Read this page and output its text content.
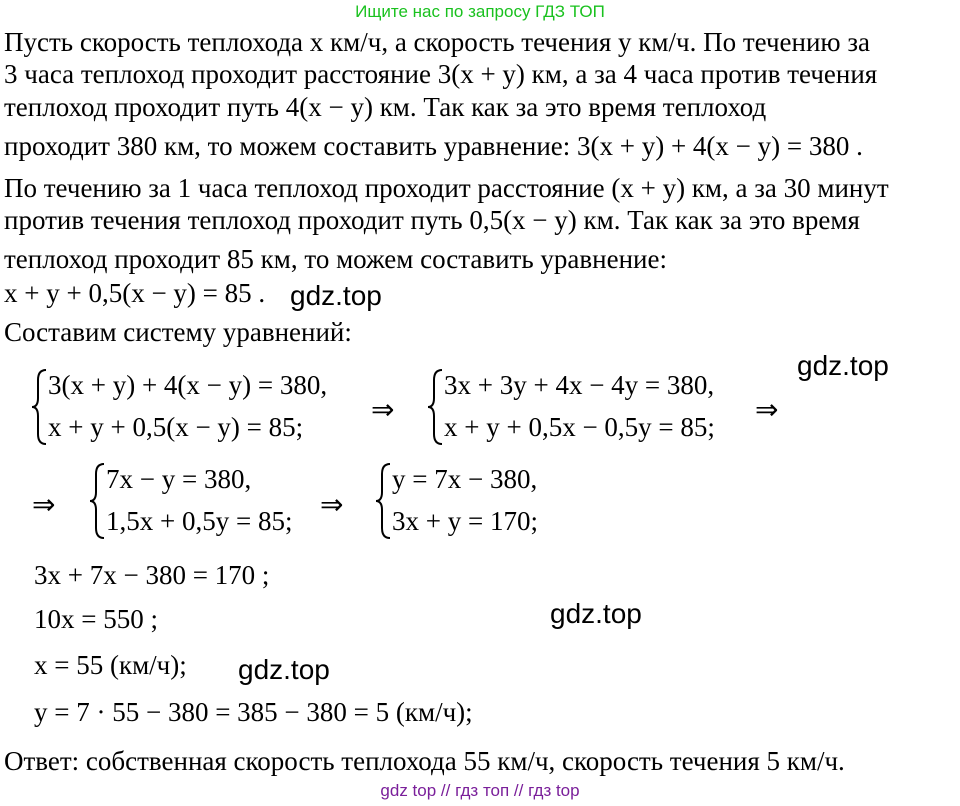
Ищите нас по запросу ГДЗ ТОП
Пусть скорость теплохода x км/ч, а скорость течения y км/ч. По течению за
3 часа теплоход проходит расстояние 3(x + y) км, а за 4 часа против течения
теплоход проходит путь 4(x − y) км. Так как за это время теплоход
проходит 380 км, то можем составить уравнение: 3(x + y) + 4(x − y) = 380 .
По течению за 1 часа теплоход проходит расстояние (x + y) км, а за 30 минут
против течения теплоход проходит путь 0,5(x − y) км. Так как за это время
теплоход проходит 85 км, то можем составить уравнение:
x + y + 0,5(x − y) = 85 . gdz.top
Составим систему уравнений:
gdz.top
3(x + y) + 4(x − y) = 380,
x + y + 0,5(x − y) = 85;
⇒
3x + 3y + 4x − 4y = 380,
x + y + 0,5x − 0,5y = 85;
⇒
⇒
7x − y = 380,
1,5x + 0,5y = 85; ⇒
y = 7x − 380,
3x + y = 170;
3x + 7x − 380 = 170 ;
10x = 550 ;	gdz.top
x = 55 (км/ч); gdz.top
y = 7 · 55 − 380 = 385 − 380 = 5 (км/ч);
Ответ: собственная скорость теплохода 55 км/ч, скорость течения 5 км/ч.
gdz top // гдз топ // гдз top
